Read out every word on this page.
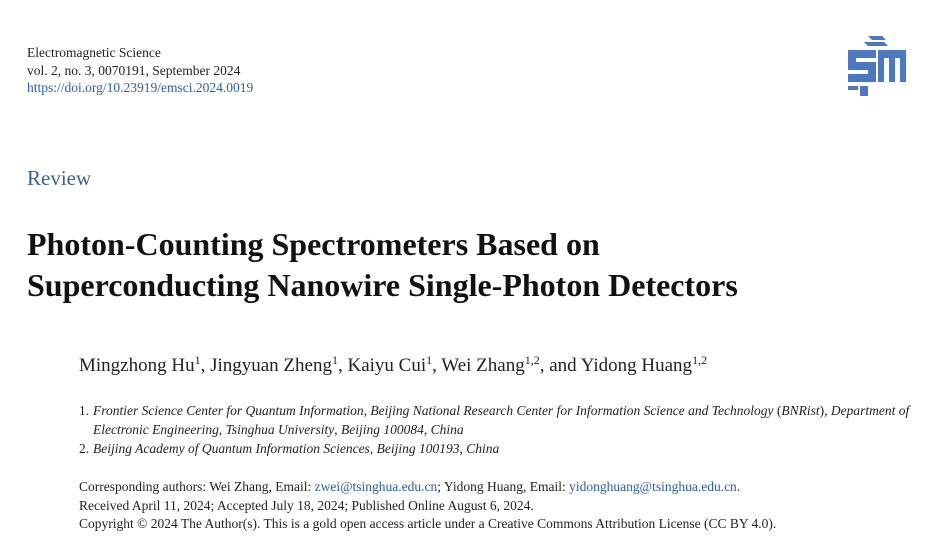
Electromagnetic Science
vol. 2, no. 3, 0070191, September 2024
https://doi.org/10.23919/emsci.2024.0019
Review
Photon-Counting Spectrometers Based on
Superconducting Nanowire Single-Photon Detectors
Mingzhong Hu$^1$, Jingyuan Zheng$^1$, Kaiyu Cui$^1$, Wei Zhang$^{1,2}$, and Yidong Huang$^{1,2}$
1. Frontier Science Center for Quantum Information, Beijing National Research Center for Information Science and Technology (BNRist), Department of Electronic Engineering, Tsinghua University, Beijing 100084, China
2. Beijing Academy of Quantum Information Sciences, Beijing 100193, China
Corresponding authors: Wei Zhang, Email: zwei@tsinghua.edu.cn; Yidong Huang, Email: yidonghuang@tsinghua.edu.cn.
Received April 11, 2024; Accepted July 18, 2024; Published Online August 6, 2024.
Copyright © 2024 The Author(s). This is a gold open access article under a Creative Commons Attribution License (CC BY 4.0).
